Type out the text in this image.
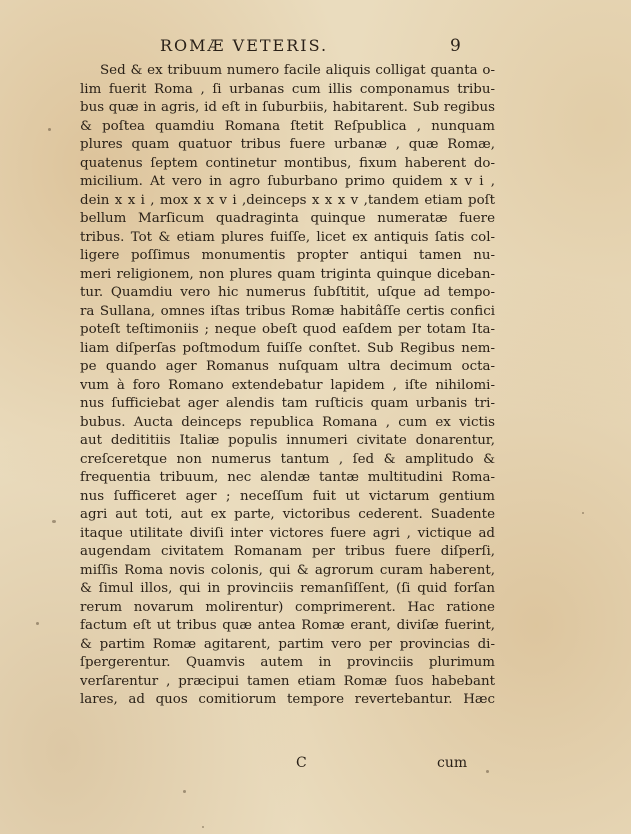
ROMÆ VETERIS.	9
Sed & ex tribuum numero facile aliquis colligat quanta o-
lim fuerit Roma , ſi urbanas cum illis componamus tribu-
bus quæ in agris, id eſt in ſuburbiis, habitarent. Sub regibus
& poſtea quamdiu Romana ſtetit Reſpublica , nunquam
plures quam quatuor tribus fuere urbanæ , quæ Romæ,
quatenus ſeptem continetur montibus, fixum haberent do-
micilium. At vero in agro ſuburbano primo quidem x v i ,
dein x x i , mox x x v i ,deinceps x x x v ,tandem etiam poſt
bellum Marſicum quadraginta quinque numeratæ fuere
tribus. Tot & etiam plures fuiſſe, licet ex antiquis ſatis col-
ligere poſſimus monumentis propter antiqui tamen nu-
meri religionem, non plures quam triginta quinque diceban-
tur. Quamdiu vero hic numerus ſubſtitit, uſque ad tempo-
ra Sullana, omnes iſtas tribus Romæ habitâſſe certis confici
poteſt teſtimoniis ; neque obeſt quod eaſdem per totam Ita-
liam diſperſas poſtmodum fuiſſe conſtet. Sub Regibus nem-
pe quando ager Romanus nuſquam ultra decimum octa-
vum à foro Romano extendebatur lapidem , iſte nihilomi-
nus ſufficiebat ager alendis tam ruſticis quam urbanis tri-
bubus. Aucta deinceps republica Romana , cum ex victis
aut dedititiis Italiæ populis innumeri civitate donarentur,
creſceretque non numerus tantum , ſed & amplitudo &
frequentia tribuum, nec alendæ tantæ multitudini Roma-
nus ſufficeret ager ; neceſſum fuit ut victarum gentium
agri aut toti, aut ex parte, victoribus cederent. Suadente
itaque utilitate diviſi inter victores fuere agri , victique ad
augendam civitatem Romanam per tribus fuere diſperſi,
miſſis Roma novis colonis, qui & agrorum curam haberent,
& ſimul illos, qui in provinciis remanſiſſent, (ſi quid forſan
rerum novarum molirentur) comprimerent. Hac ratione
factum eſt ut tribus quæ antea Romæ erant, diviſæ fuerint,
& partim Romæ agitarent, partim vero per provincias di-
ſpergerentur. Quamvis autem in provinciis plurimum
verſarentur , præcipui tamen etiam Romæ ſuos habebant
lares, ad quos comitiorum tempore revertebantur. Hæc
C	cum
